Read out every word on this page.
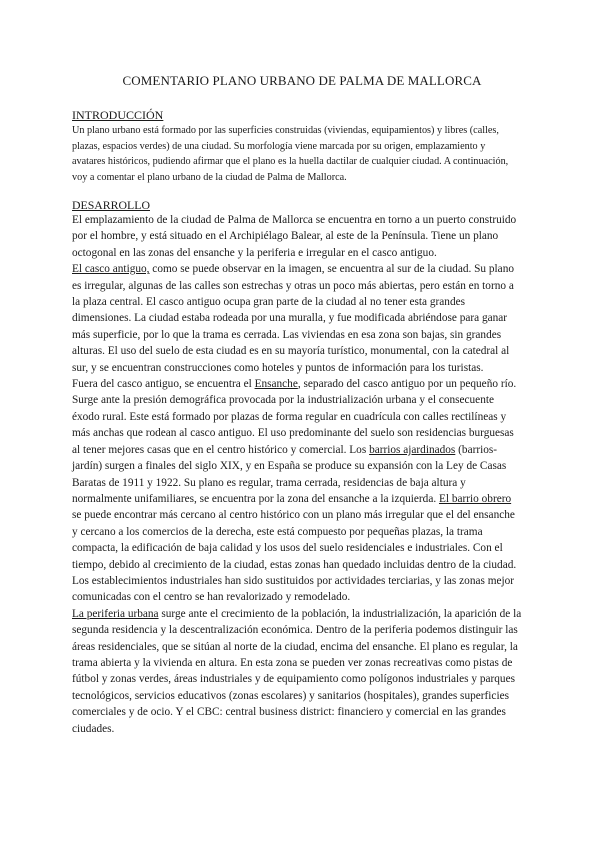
COMENTARIO PLANO URBANO DE PALMA DE MALLORCA
INTRODUCCIÓN

Un plano urbano está formado por las superficies construidas (viviendas, equipamientos) y libres (calles, plazas, espacios verdes) de una ciudad. Su morfología viene marcada por su origen, emplazamiento y avatares históricos, pudiendo afirmar que el plano es la huella dactilar de cualquier ciudad. A continuación, voy a comentar el plano urbano de la ciudad de Palma de Mallorca.

DESARROLLO

El emplazamiento de la ciudad de Palma de Mallorca se encuentra en torno a un puerto construido por el hombre, y está situado en el Archipiélago Balear, al este de la Península. Tiene un plano octogonal en las zonas del ensanche y la periferia e irregular en el casco antiguo.

El casco antiguo, como se puede observar en la imagen, se encuentra al sur de la ciudad. Su plano es irregular, algunas de las calles son estrechas y otras un poco más abiertas, pero están en torno a la plaza central. El casco antiguo ocupa gran parte de la ciudad al no tener esta grandes dimensiones. La ciudad estaba rodeada por una muralla, y fue modificada abriéndose para ganar más superficie, por lo que la trama es cerrada. Las viviendas en esa zona son bajas, sin grandes alturas. El uso del suelo de esta ciudad es en su mayoría turístico, monumental, con la catedral al sur, y se encuentran construcciones como hoteles y puntos de información para los turistas.

Fuera del casco antiguo, se encuentra el Ensanche, separado del casco antiguo por un pequeño río. Surge ante la presión demográfica provocada por la industrialización urbana y el consecuente éxodo rural. Este está formado por plazas de forma regular en cuadrícula con calles rectilíneas y más anchas que rodean al casco antiguo. El uso predominante del suelo son residencias burguesas al tener mejores casas que en el centro histórico y comercial. Los barrios ajardinados (barrios-jardín) surgen a finales del siglo XIX, y en España se produce su expansión con la Ley de Casas Baratas de 1911 y 1922. Su plano es regular, trama cerrada, residencias de baja altura y normalmente unifamiliares, se encuentra por la zona del ensanche a la izquierda. El barrio obrero se puede encontrar más cercano al centro histórico con un plano más irregular que el del ensanche y cercano a los comercios de la derecha, este está compuesto por pequeñas plazas, la trama compacta, la edificación de baja calidad y los usos del suelo residenciales e industriales. Con el tiempo, debido al crecimiento de la ciudad, estas zonas han quedado incluidas dentro de la ciudad. Los establecimientos industriales han sido sustituidos por actividades terciarias, y las zonas mejor comunicadas con el centro se han revalorizado y remodelado.

La periferia urbana surge ante el crecimiento de la población, la industrialización, la aparición de la segunda residencia y la descentralización económica. Dentro de la periferia podemos distinguir las áreas residenciales, que se sitúan al norte de la ciudad, encima del ensanche. El plano es regular, la trama abierta y la vivienda en altura. En esta zona se pueden ver zonas recreativas como pistas de fútbol y zonas verdes, áreas industriales y de equipamiento como polígonos industriales y parques tecnológicos, servicios educativos (zonas escolares) y sanitarios (hospitales), grandes superficies comerciales y de ocio. Y el CBC: central business district: financiero y comercial en las grandes ciudades.
